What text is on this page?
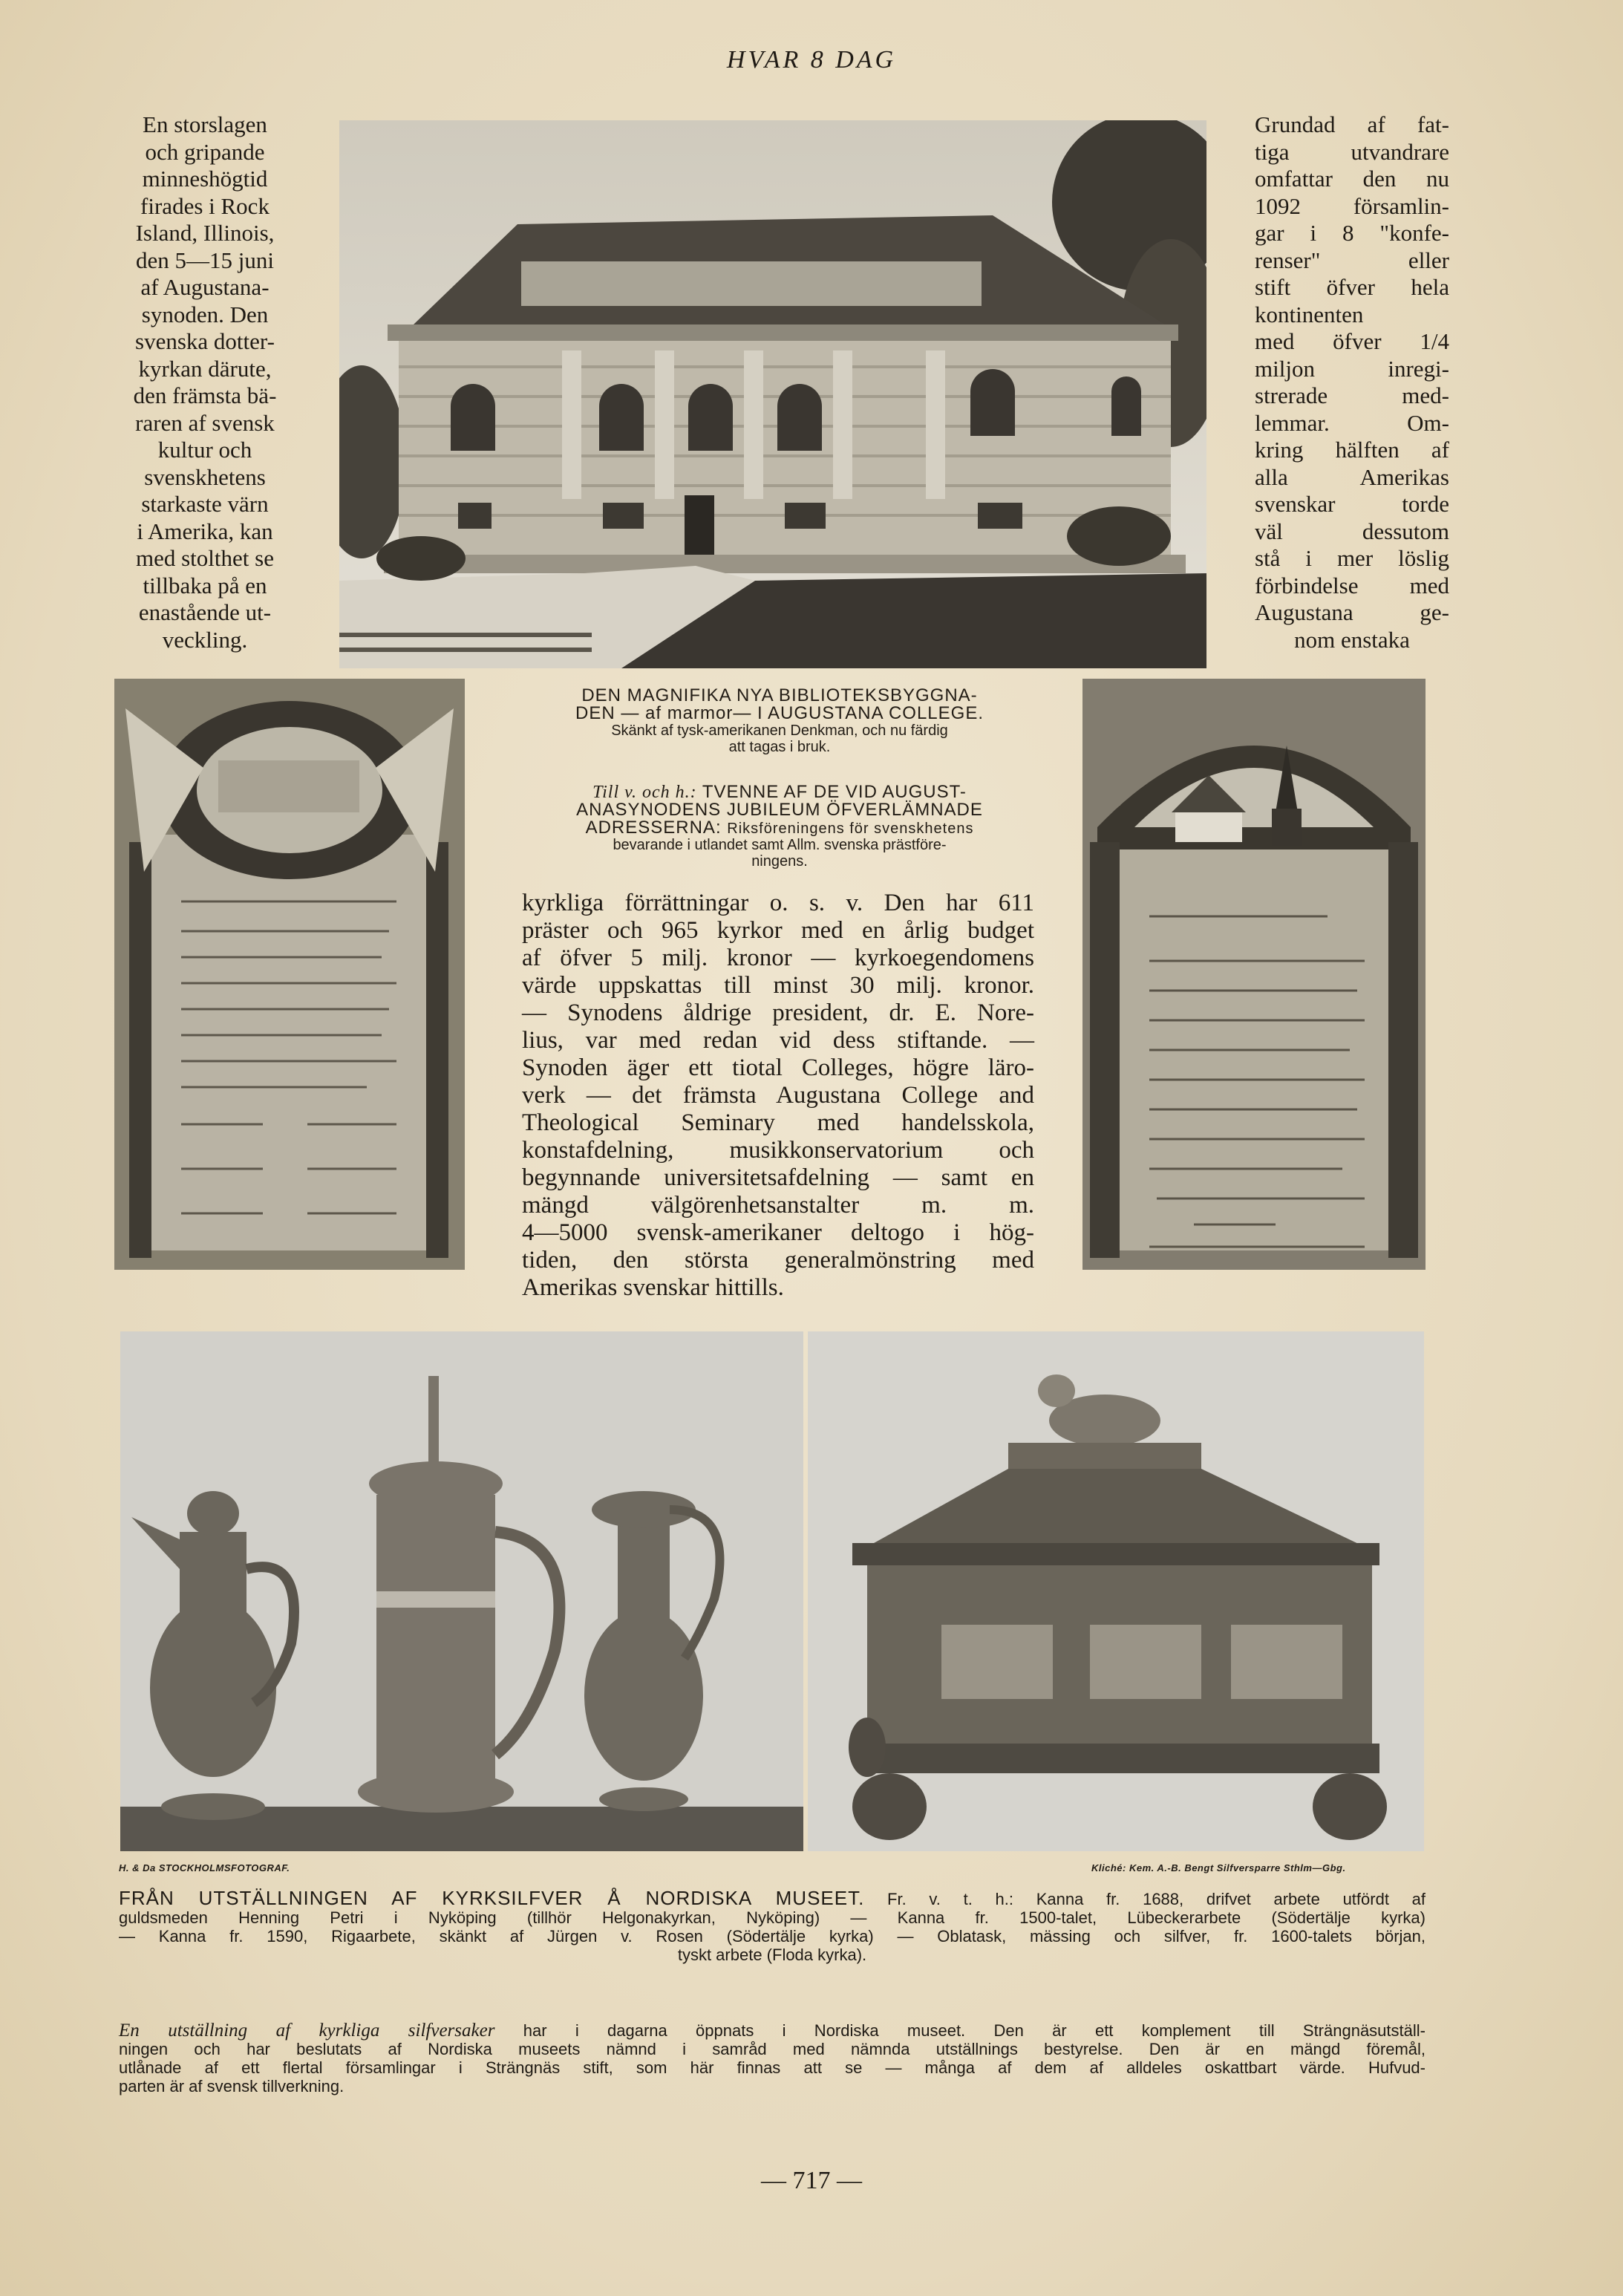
HVAR 8 DAG
En storslagen
och gripande
minneshögtid
firades i Rock
Island, Illinois,
den 5—15 juni
af Augustana-
synoden. Den
svenska dotter-
kyrkan därute,
den främsta bä-
raren af svensk
kultur och
svenskhetens
starkaste värn
i Amerika, kan
med stolthet se
tillbaka på en
enastående ut-
veckling.
Grundad af fat-
tiga utvandrare
omfattar den nu
1092 församlin-
gar i 8 "konfe-
renser" eller
stift öfver hela
kontinenten
med öfver 1/4
miljon inregi-
strerade med-
lemmar. Om-
kring hälften af
alla Amerikas
svenskar torde
väl dessutom
stå i mer löslig
förbindelse med
Augustana ge-
nom enstaka
DEN MAGNIFIKA NYA BIBLIOTEKSBYGGNA-
DEN — af marmor— I AUGUSTANA COLLEGE.
Skänkt af tysk-amerikanen Denkman, och nu färdig
att tagas i bruk.
Till v. och h.: TVENNE AF DE VID AUGUST-
ANASYNODENS JUBILEUM ÖFVERLÄMNADE
ADRESSERNA: Riksföreningens för svenskhetens
bevarande i utlandet samt Allm. svenska prästföre-
ningens.
kyrkliga förrättningar o. s. v. Den har 611
präster och 965 kyrkor med en årlig budget
af öfver 5 milj. kronor — kyrkoegendomens
värde uppskattas till minst 30 milj. kronor.
— Synodens åldrige president, dr. E. Nore-
lius, var med redan vid dess stiftande. —
Synoden äger ett tiotal Colleges, högre läro-
verk — det främsta Augustana College and
Theological Seminary med handelsskola,
konstafdelning, musikkonservatorium och
begynnande universitetsafdelning — samt en
mängd välgörenhetsanstalter m. m.
4—5000 svensk-amerikaner deltogo i hög-
tiden, den största generalmönstring med
Amerikas svenskar hittills.
H. & Da STOCKHOLMSFOTOGRAF.	Kliché: Kem. A.-B. Bengt Silfversparre Sthlm—Gbg.
FRÅN UTSTÄLLNINGEN AF KYRKSILFVER Å NORDISKA MUSEET. Fr. v. t. h.: Kanna fr. 1688, drifvet arbete utfördt af
guldsmeden Henning Petri i Nyköping (tillhör Helgonakyrkan, Nyköping) — Kanna fr. 1500-talet, Lübeckerarbete (Södertälje kyrka)
— Kanna fr. 1590, Rigaarbete, skänkt af Jürgen v. Rosen (Södertälje kyrka) — Oblatask, mässing och silfver, fr. 1600-talets början,
tyskt arbete (Floda kyrka).
En utställning af kyrkliga silfversaker har i dagarna öppnats i Nordiska museet. Den är ett komplement till Strängnäsutställ-
ningen och har beslutats af Nordiska museets nämnd i samråd med nämnda utställnings bestyrelse. Den är en mängd föremål,
utlånade af ett flertal församlingar i Strängnäs stift, som här finnas att se — många af dem af alldeles oskattbart värde. Hufvud-
parten är af svensk tillverkning.
— 717 —
